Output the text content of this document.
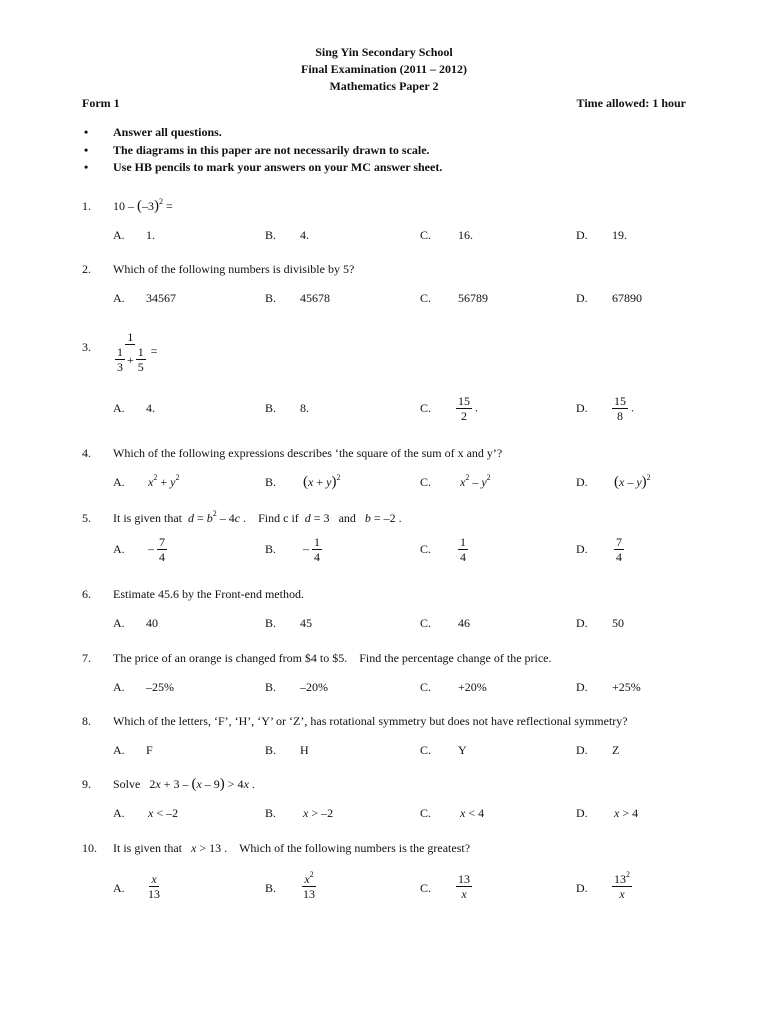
Sing Yin Secondary School
Final Examination (2011 – 2012)
Mathematics Paper 2
Form 1	Time allowed: 1 hour
• Answer all questions.
• The diagrams in this paper are not necessarily drawn to scale.
• Use HB pencils to mark your answers on your MC answer sheet.
1. $10 - (-3)^2$ =
A. 1.	B. 4.	C. 16.	D. 19.
2. Which of the following numbers is divisible by 5?
A. 34567	B. 45678	C. 56789	D. 67890
3. $\frac{1}{\frac{1}{3} + \frac{1}{5}}$ =
A. 4.	B. 8.	C. $\frac{15}{2}$ .	D. $\frac{15}{8}$ .
4. Which of the following expressions describes ‘the square of the sum of x and y’?
A. $x^2 + y^2$	B. $(x + y)^2$	C. $x^2 - y^2$	D. (x – y)$^2$
5. It is given that $d = b^2 - 4c$ .    Find c if d = 3   and b = –2 .
A. – $\frac{7}{4}$	B. – $\frac{1}{4}$	C. $\frac{1}{4}$	D. $\frac{7}{4}$
6. Estimate 45.6 by the Front-end method.
A. 40	B. 45	C. 46	D. 50
7. The price of an orange is changed from $4 to $5.    Find the percentage change of the price.
A. –25%	B. –20%	C. +20%	D. +25%
8. Which of the letters, ‘F’, ‘H’, ‘Y’ or ‘Z’, has rotational symmetry but does not have reflectional symmetry?
A. F	B. H	C. Y	D. Z
9. Solve   2x + 3 – (x – 9) > 4x .
A. x < –2	B. x > –2	C. x < 4	D. x > 4
10. It is given that x > 13 .    Which of the following numbers is the greatest?
A. $\frac{x}{13}$	B. $\frac{x^2}{13}$	C. $\frac{13}{x}$	D. $\frac{13^2}{x}$
